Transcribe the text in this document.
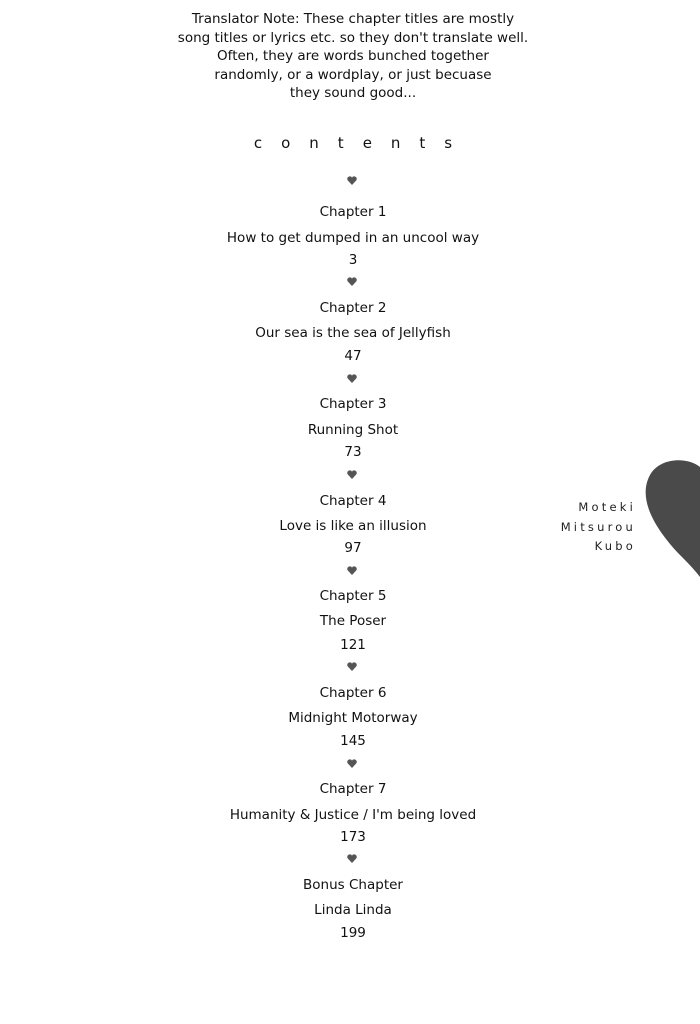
Translator Note: These chapter titles are mostly
song titles or lyrics etc. so they don't translate well.
Often, they are words bunched together
randomly, or a wordplay, or just becuase
they sound good...
contents
Chapter 1
How to get dumped in an uncool way
3
Chapter 2
Our sea is the sea of Jellyfish
47
Chapter 3
Running Shot
73
Chapter 4
Love is like an illusion
97
Chapter 5
The Poser
121
Chapter 6
Midnight Motorway
145
Chapter 7
Humanity & Justice / I'm being loved
173
Bonus Chapter
Linda Linda
199
Moteki
Mitsurou
Kubo
